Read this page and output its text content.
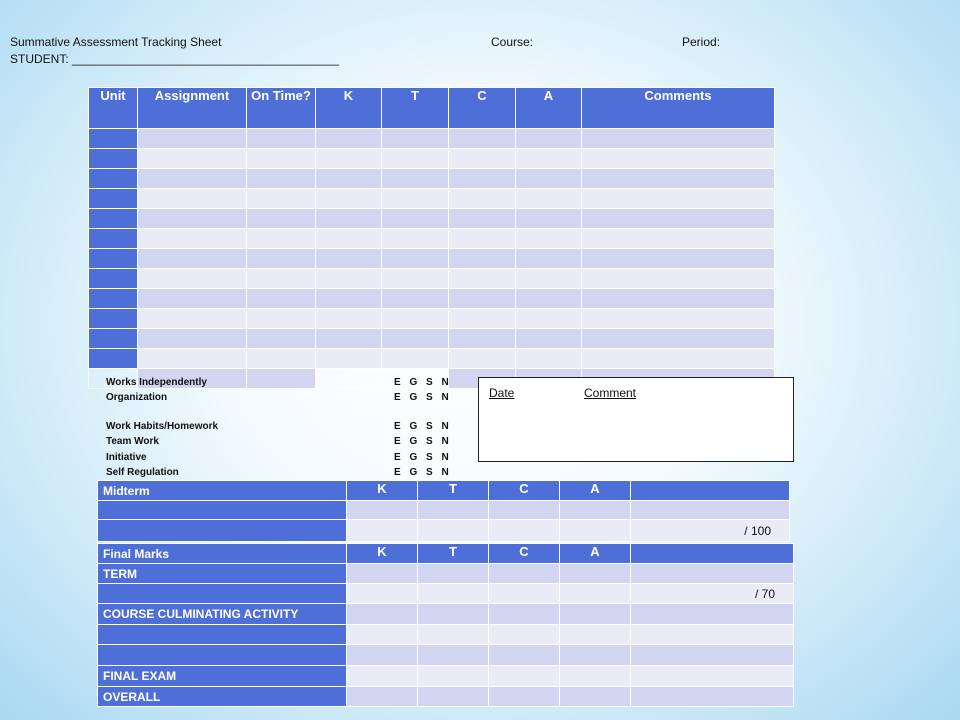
Summative Assessment Tracking Sheet	Course:	Period:
STUDENT: ________________________________________
Unit	Assignment	On Time?	K	T	C	A	Comments

Works Independently	E G S N
Organization	E G S N
Work Habits/Homework	E G S N
Team Work	E G S N
Initiative	E G S N
Self Regulation	E G S N
Date	Comment
Midterm	K	T	C	A	

					/ 100
Final Marks	K	T	C	A	
TERM					
					/ 70
COURSE CULMINATING ACTIVITY					

FINAL EXAM					
OVERALL					
